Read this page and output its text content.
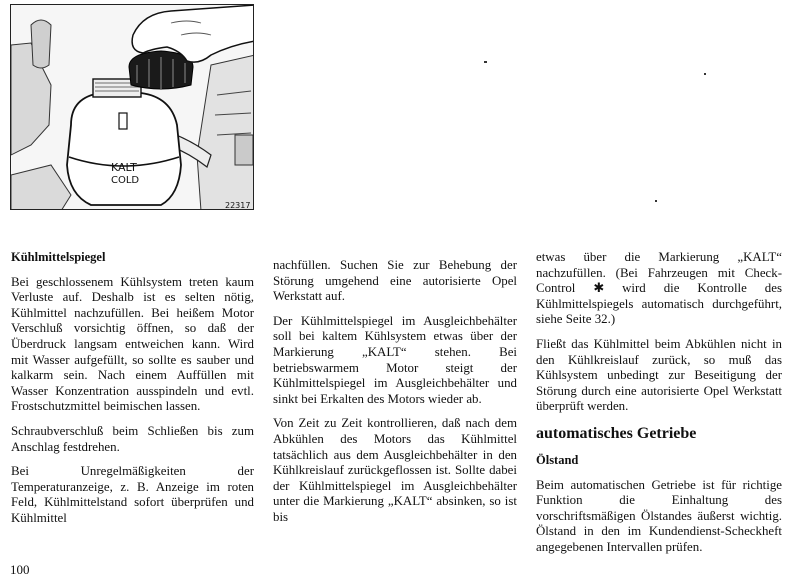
KALT
COLD
22317

Kühlmittelspiegel

Bei geschlossenem Kühlsystem treten kaum Verluste auf. Deshalb ist es selten nötig, Kühlmittel nachzufüllen. Bei heißem Motor Verschluß vorsichtig öffnen, so daß der Überdruck langsam entweichen kann. Wird mit Wasser aufgefüllt, so sollte es sauber und kalkarm sein. Nach einem Auffüllen mit Wasser Konzentration ausspindeln und evtl. Frostschutzmittel beimischen lassen.

Schraubverschluß beim Schließen bis zum Anschlag festdrehen.

Bei Unregelmäßigkeiten der Temperaturanzeige, z. B. Anzeige im roten Feld, Kühlmittelstand sofort überprüfen und Kühlmittel

nachfüllen. Suchen Sie zur Behebung der Störung umgehend eine autorisierte Opel Werkstatt auf.

Der Kühlmittelspiegel im Ausgleichbehälter soll bei kaltem Kühlsystem etwas über der Markierung „KALT“ stehen. Bei betriebswarmem Motor steigt der Kühlmittelspiegel im Ausgleichbehälter und sinkt bei Erkalten des Motors wieder ab.

Von Zeit zu Zeit kontrollieren, daß nach dem Abkühlen des Motors das Kühlmittel tatsächlich aus dem Ausgleichbehälter in den Kühlkreislauf zurückgeflossen ist. Sollte dabei der Kühlmittelspiegel im Ausgleichbehälter unter die Markierung „KALT“ absinken, so ist bis

etwas über die Markierung „KALT“ nachzufüllen. (Bei Fahrzeugen mit Check-Control ✱ wird die Kontrolle des Kühlmittelspiegels automatisch durchgeführt, siehe Seite 32.)

Fließt das Kühlmittel beim Abkühlen nicht in den Kühlkreislauf zurück, so muß das Kühlsystem unbedingt zur Beseitigung der Störung durch eine autorisierte Opel Werkstatt überprüft werden.

automatisches Getriebe

Ölstand

Beim automatischen Getriebe ist für richtige Funktion die Einhaltung des vorschriftsmäßigen Ölstandes äußerst wichtig. Ölstand in den im Kundendienst-Scheckheft angegebenen Intervallen prüfen.

100
